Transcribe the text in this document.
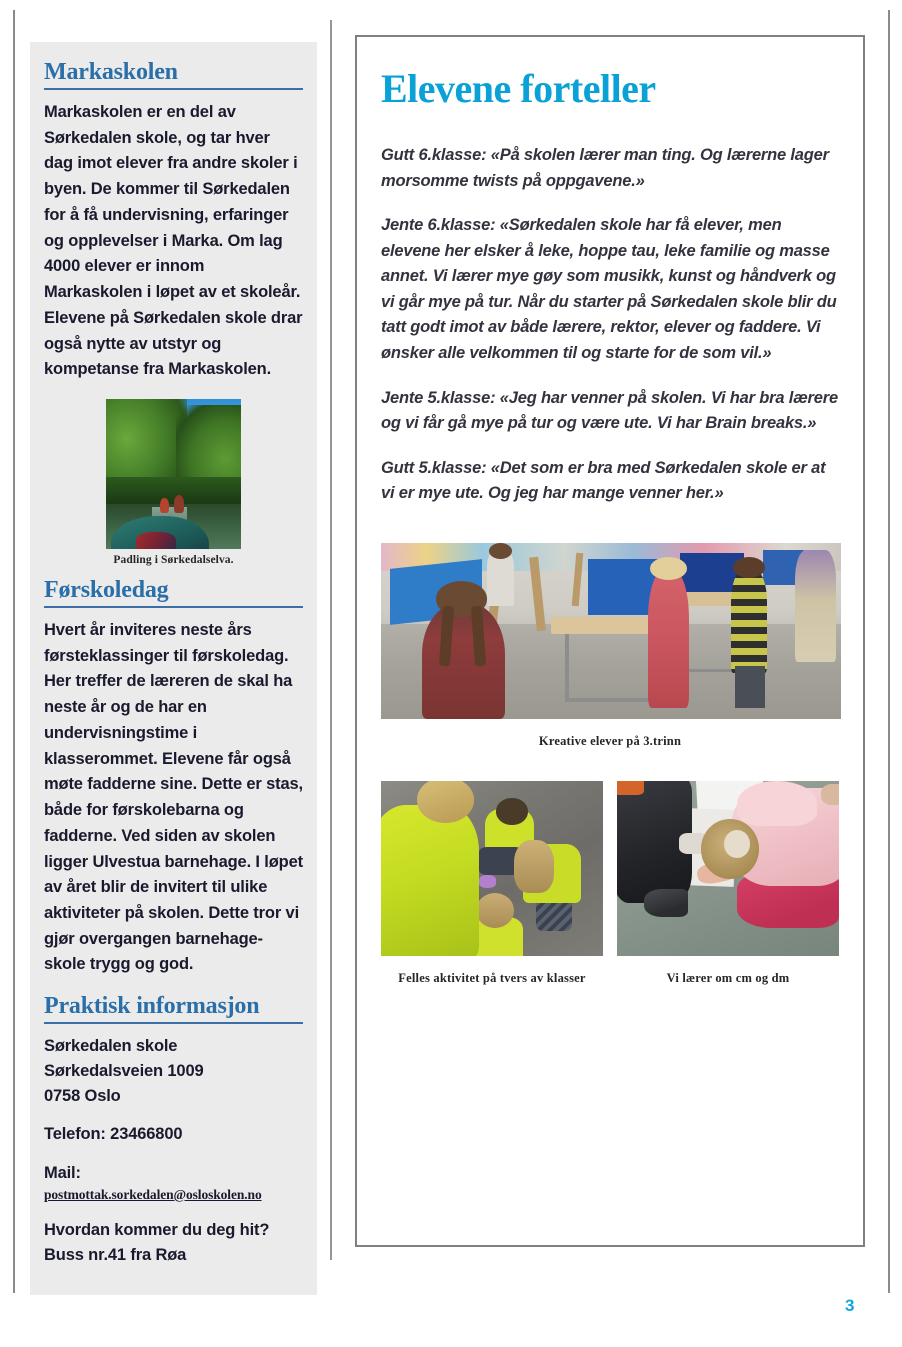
Markaskolen

Markaskolen er en del av Sørkedalen skole, og tar hver dag imot elever fra andre skoler i byen. De kommer til Sørkedalen for å få undervisning, erfaringer og opplevelser i Marka. Om lag 4000 elever er innom Markaskolen i løpet av et skoleår. Elevene på Sørkedalen skole drar også nytte av utstyr og kompetanse fra Markaskolen.

Padling i Sørkedalselva.
Førskoledag

Hvert år inviteres neste års førsteklassinger til førskoledag. Her treffer de læreren de skal ha neste år og de har en undervisningstime i klasserommet. Elevene får også møte fadderne sine. Dette er stas, både for førskolebarna og fadderne. Ved siden av skolen ligger Ulvestua barnehage. I løpet av året blir de invitert til ulike aktiviteter på skolen. Dette tror vi gjør overgangen barnehage-skole trygg og god.

Praktisk informasjon
Sørkedalen skole
Sørkedalsveien 1009
0758 Oslo
Telefon: 23466800
Mail:
postmottak.sorkedalen@osloskolen.no
Hvordan kommer du deg hit?
Buss nr.41 fra Røa
Elevene forteller

Gutt 6.klasse: «På skolen lærer man ting. Og lærerne lager morsomme twists på oppgavene.»

Jente 6.klasse: «Sørkedalen skole har få elever, men elevene her elsker å leke, hoppe tau, leke familie og masse annet. Vi lærer mye gøy som musikk, kunst og håndverk og vi går mye på tur. Når du starter på Sørkedalen skole blir du tatt godt imot av både lærere, rektor, elever og faddere. Vi ønsker alle velkommen til og starte for de som vil.»

Jente 5.klasse: «Jeg har venner på skolen. Vi har bra lærere og vi får gå mye på tur og være ute. Vi har Brain breaks.»

Gutt 5.klasse: «Det som er bra med Sørkedalen skole er at vi er mye ute. Og jeg har mange venner her.»

Kreative elever på 3.trinn
Felles aktivitet på tvers av klasser	Vi lærer om cm og dm
3
